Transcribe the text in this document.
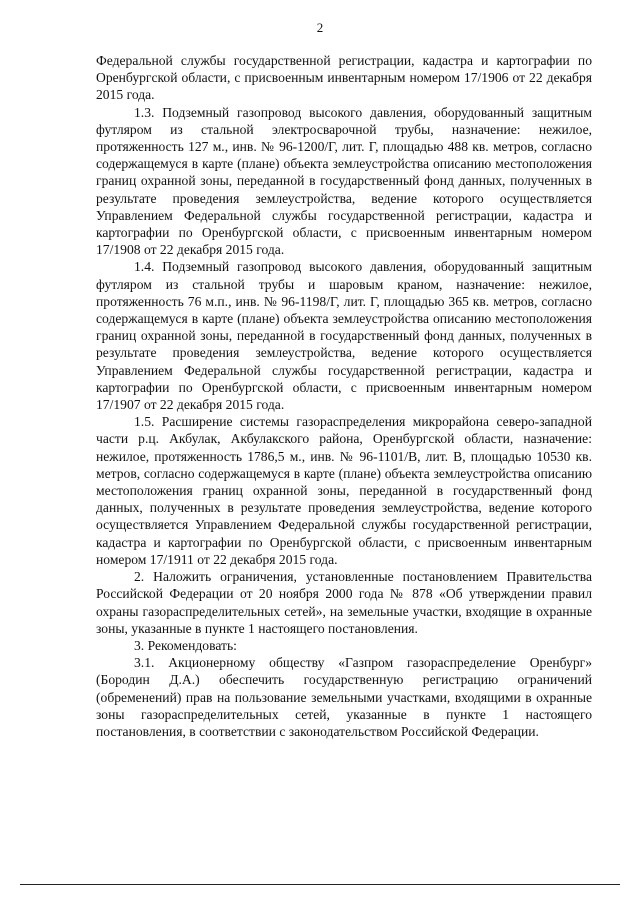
2

Федеральной службы государственной регистрации, кадастра и картографии по Оренбургской области, с присвоенным инвентарным номером 17/1906 от 22 декабря 2015 года.

1.3. Подземный газопровод высокого давления, оборудованный защитным футляром из стальной электросварочной трубы, назначение: нежилое, протяженность 127 м., инв. № 96-1200/Г, лит. Г, площадью 488 кв. метров, согласно содержащемуся в карте (плане) объекта землеустройства описанию местоположения границ охранной зоны, переданной в государственный фонд данных, полученных в результате проведения землеустройства, ведение которого осуществляется Управлением Федеральной службы государственной регистрации, кадастра и картографии по Оренбургской области, с присвоенным инвентарным номером 17/1908 от 22 декабря 2015 года.

1.4. Подземный газопровод высокого давления, оборудованный защитным футляром из стальной трубы и шаровым краном, назначение: нежилое, протяженность 76 м.п., инв. № 96-1198/Г, лит. Г, площадью 365 кв. метров, согласно содержащемуся в карте (плане) объекта землеустройства описанию местоположения границ охранной зоны, переданной в государственный фонд данных, полученных в результате проведения землеустройства, ведение которого осуществляется Управлением Федеральной службы государственной регистрации, кадастра и картографии по Оренбургской области, с присвоенным инвентарным номером 17/1907 от 22 декабря 2015 года.

1.5. Расширение системы газораспределения микрорайона северо-западной части р.ц. Акбулак, Акбулакского района, Оренбургской области, назначение: нежилое, протяженность 1786,5 м., инв. № 96-1101/В, лит. В, площадью 10530 кв. метров, согласно содержащемуся в карте (плане) объекта землеустройства описанию местоположения границ охранной зоны, переданной в государственный фонд данных, полученных в результате проведения землеустройства, ведение которого осуществляется Управлением Федеральной службы государственной регистрации, кадастра и картографии по Оренбургской области, с присвоенным инвентарным номером 17/1911 от 22 декабря 2015 года.

2. Наложить ограничения, установленные постановлением Правительства Российской Федерации от 20 ноября 2000 года № 878 «Об утверждении правил охраны газораспределительных сетей», на земельные участки, входящие в охранные зоны, указанные в пункте 1 настоящего постановления.

3. Рекомендовать:

3.1. Акционерному обществу «Газпром газораспределение Оренбург» (Бородин Д.А.) обеспечить государственную регистрацию ограничений (обременений) прав на пользование земельными участками, входящими в охранные зоны газораспределительных сетей, указанные в пункте 1 настоящего постановления, в соответствии с законодательством Российской Федерации.
